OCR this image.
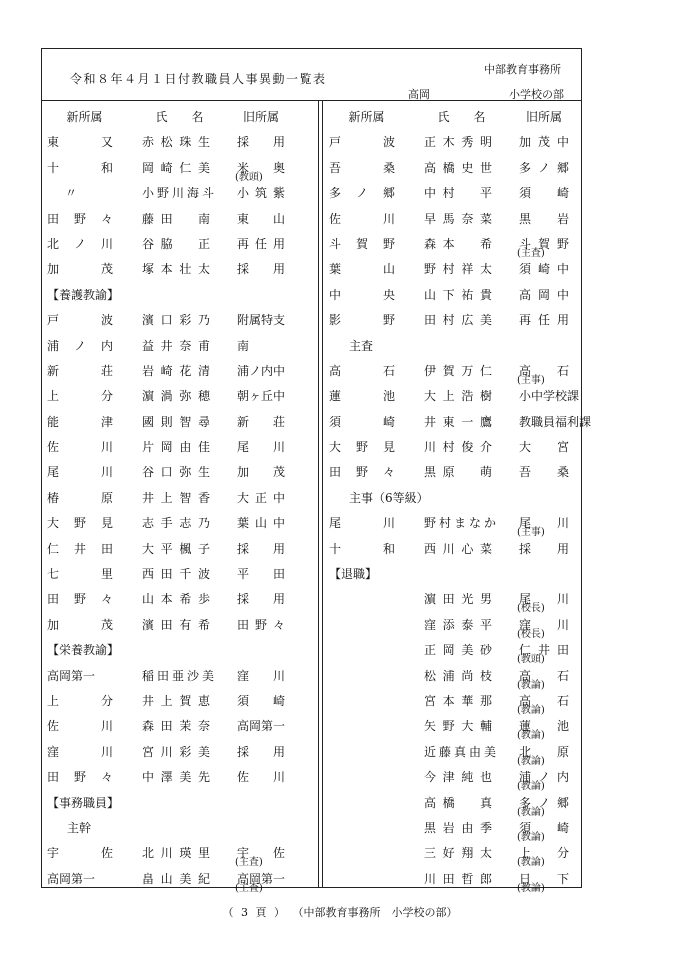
令和８年４月１日付教職員人事異動一覧表
中部教育事務所
高岡	小学校の部
新所属	氏　　名	旧所属
東　又 赤松珠生 採用
十　和 岡崎仁美 米奥
(教頭)
〃	小野川海斗 小筑紫
田野々 藤田　南 東山
北ノ川 谷脇　正 再任用
加　茂 塚本壮太 採用
【養護教諭】
戸　波 濱口彩乃 附属特支
浦ノ内 益井奈甫 南
新　荘 岩崎花清 浦ノ内中
上　分 濵渦弥穂 朝ヶ丘中
能　津 國則智尋 新荘
佐　川 片岡由佳 尾川
尾　川 谷口弥生 加茂
椿　原 井上智香 大正中
大野見 志手志乃 葉山中
仁井田 大平楓子 採用
七　里 西田千波 平田
田野々 山本希歩 採用
加　茂 濱田有希 田野々
【栄養教諭】
高岡第一	稲田亜沙美 窪川
上　分 井上賀恵 須崎
佐　川 森田茉奈 高岡第一
窪　川 宮川彩美 採用
田野々 中澤美先 佐川
【事務職員】
主幹
宇　佐 北川瑛里 宇佐
(主査)
高岡第一	畠山美紀 高岡第一
(主査)
新所属	氏　　名	旧所属
戸　波 正木秀明 加茂中
吾　桑 高橋史世 多ノ郷
多ノ郷 中村　平 須崎
佐　川 早馬奈菜 黒岩
斗賀野 森本　希 斗賀野
(主査)
葉　山 野村祥太 須崎中
中　央 山下祐貴 高岡中
影　野 田村広美 再任用
主査
高　石 伊賀万仁 高石
(主事)
蓮　池 大上浩樹 小中学校課
須　崎 井東一鷹 教職員福利課
大野見 川村俊介 大宮
田野々 黒原　萌 吾桑
主事（6等級）
尾　川 野村まなか 尾川
(主事)
十　和 西川心菜 採用
【退職】
濵田光男 尾川
(校長)
窪添泰平 窪川
(校長)
正岡美砂 仁井田
(教頭)
松浦尚枝 高石
(教論)
宮本華那 高石
(教論)
矢野大輔 蓮池
(教論)
近藤真由美 北原
(教論)
今津純也 浦ノ内
(教論)
高橋　真 多ノ郷
(教論)
黒岩由季 須崎
(教論)
三好翔太 上分
(教論)
川田哲郎 日下
(教論)
（ 3 頁 ） （中部教育事務所　小学校の部）
